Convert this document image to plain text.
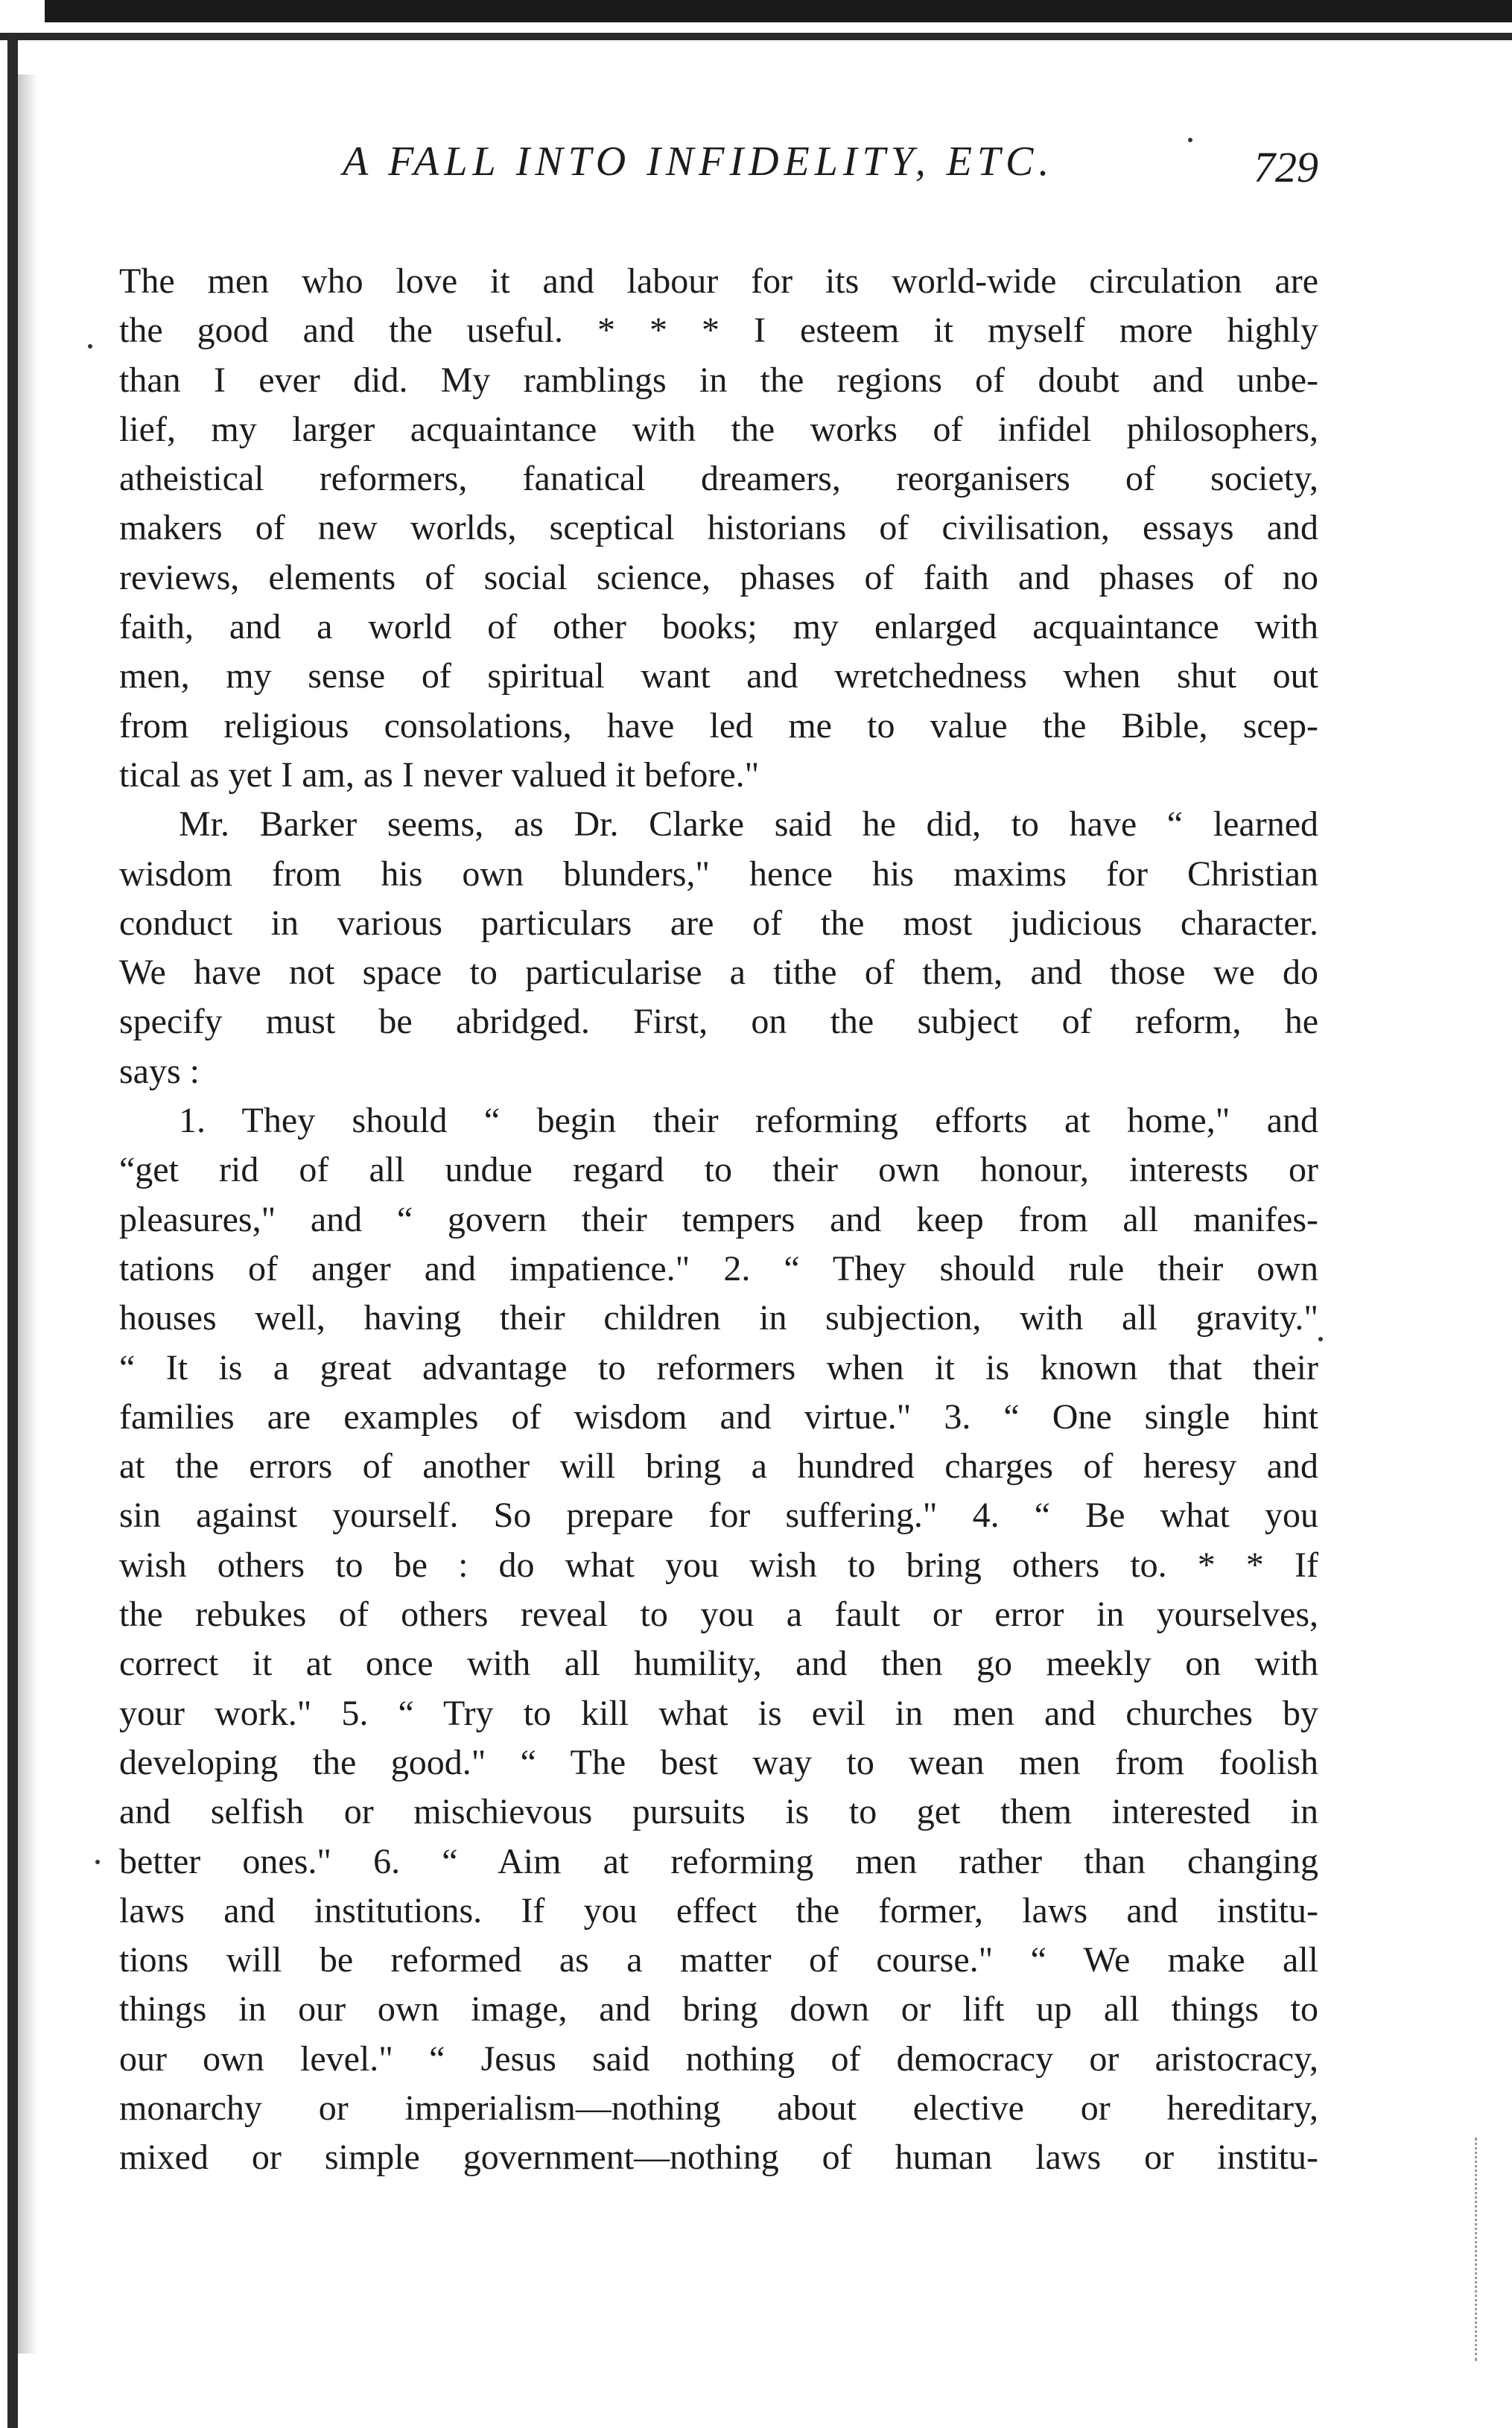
A FALL INTO INFIDELITY, ETC.	729
The men who love it and labour for its world-wide circulation are
the good and the useful. * * * I esteem it myself more highly
than I ever did. My ramblings in the regions of doubt and unbe-
lief, my larger acquaintance with the works of infidel philosophers,
atheistical reformers, fanatical dreamers, reorganisers of society,
makers of new worlds, sceptical historians of civilisation, essays and
reviews, elements of social science, phases of faith and phases of no
faith, and a world of other books; my enlarged acquaintance with
men, my sense of spiritual want and wretchedness when shut out
from religious consolations, have led me to value the Bible, scep-
tical as yet I am, as I never valued it before."
Mr. Barker seems, as Dr. Clarke said he did, to have “ learned
wisdom from his own blunders," hence his maxims for Christian
conduct in various particulars are of the most judicious character.
We have not space to particularise a tithe of them, and those we do
specify must be abridged. First, on the subject of reform, he
says :
1. They should “ begin their reforming efforts at home," and
“get rid of all undue regard to their own honour, interests or
pleasures," and “ govern their tempers and keep from all manifes-
tations of anger and impatience." 2. “ They should rule their own
houses well, having their children in subjection, with all gravity."
“ It is a great advantage to reformers when it is known that their
families are examples of wisdom and virtue." 3. “ One single hint
at the errors of another will bring a hundred charges of heresy and
sin against yourself. So prepare for suffering." 4. “ Be what you
wish others to be : do what you wish to bring others to. * * If
the rebukes of others reveal to you a fault or error in yourselves,
correct it at once with all humility, and then go meekly on with
your work." 5. “ Try to kill what is evil in men and churches by
developing the good." “ The best way to wean men from foolish
and selfish or mischievous pursuits is to get them interested in
better ones." 6. “ Aim at reforming men rather than changing
laws and institutions. If you effect the former, laws and institu-
tions will be reformed as a matter of course." “ We make all
things in our own image, and bring down or lift up all things to
our own level." “ Jesus said nothing of democracy or aristocracy,
monarchy or imperialism—nothing about elective or hereditary,
mixed or simple government—nothing of human laws or institu-
